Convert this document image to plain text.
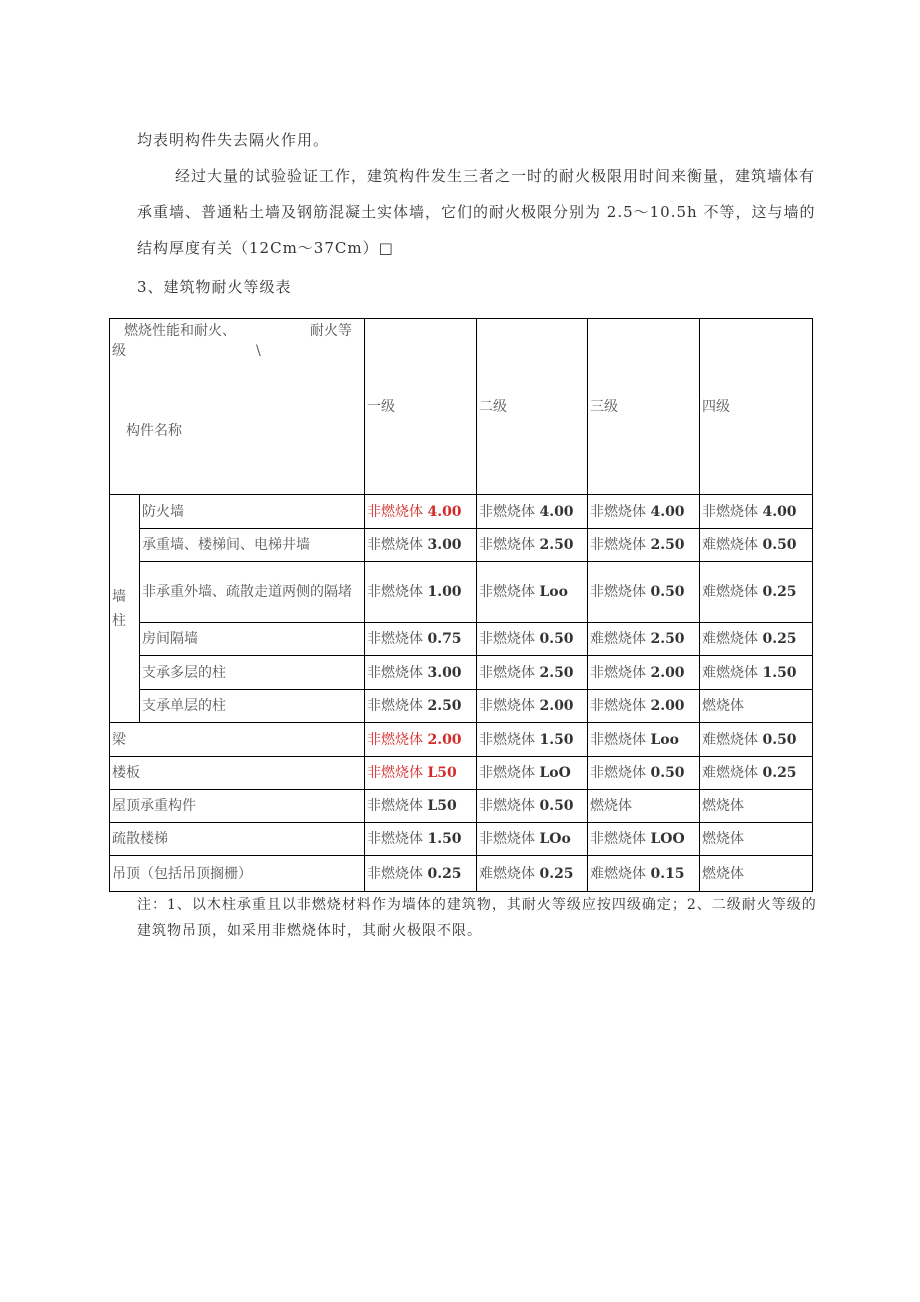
均表明构件失去隔火作用。
经过大量的试验验证工作，建筑构件发生三者之一时的耐火极限用时间来衡量，建筑墙体有承重墙、普通粘土墙及钢筋混凝土实体墙，它们的耐火极限分别为 2.5〜10.5h 不等，这与墙的结构厚度有关（12Cm〜37Cm）□
3、建筑物耐火等级表
燃烧性能和耐火、 耐火等
级 \
构件名称		一级	二级	三级	四级

墙
柱	防火墙	非燃烧体 4.00	非燃烧体 4.00	非燃烧体 4.00	非燃烧体 4.00
	承重墙、楼梯间、电梯井墙	非燃烧体 3.00	非燃烧体 2.50	非燃烧体 2.50	难燃烧体 0.50
	非承重外墙、疏散走道两侧的隔堵	非燃烧体 1.00	非燃烧体 Loo	非燃烧体 0.50	难燃烧体 0.25
	房间隔墙	非燃烧体 0.75	非燃烧体 0.50	难燃烧体 2.50	难燃烧体 0.25
	支承多层的柱	非燃烧体 3.00	非燃烧体 2.50	非燃烧体 2.00	难燃烧体 1.50
	支承单层的柱	非燃烧体 2.50	非燃烧体 2.00	非燃烧体 2.00	燃烧体
梁		非燃烧体 2.00	非燃烧体 1.50	非燃烧体 Loo	难燃烧体 0.50
楼板		非燃烧体 L50	非燃烧体 LoO	非燃烧体 0.50	难燃烧体 0.25
屋顶承重构件		非燃烧体 L50	非燃烧体 0.50	燃烧体	燃烧体
疏散楼梯		非燃烧体 1.50	非燃烧体 LOo	非燃烧体 LOO	燃烧体
吊顶（包括吊顶搁栅）		非燃烧体 0.25	难燃烧体 0.25	难燃烧体 0.15	燃烧体
注：1、以木柱承重且以非燃烧材料作为墙体的建筑物，其耐火等级应按四级确定；2、二级耐火等级的建筑物吊顶，如采用非燃烧体时，其耐火极限不限。
